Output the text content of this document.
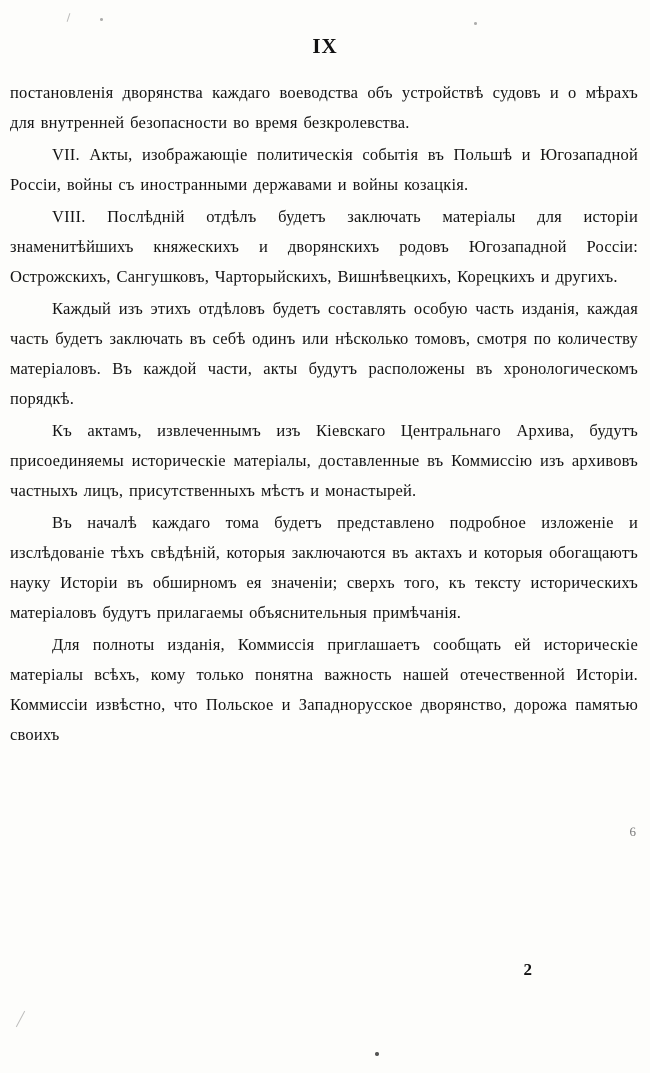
IX

постановленія дворянства каждаго воеводства объ устройствѣ судовъ и о мѣрахъ для внутренней безопасности во время безкролевства.

VII. Акты, изображающіе политическія событія въ Польшѣ и Югозападной Россіи, войны съ иностранными державами и войны козацкія.

VIII. Послѣдній отдѣлъ будетъ заключать матеріалы для исторіи знаменитѣйшихъ княжескихъ и дворянскихъ родовъ Югозападной Россіи: Острожскихъ, Сангушковъ, Чарторыйскихъ, Вишнѣвецкихъ, Корецкихъ и другихъ.

Каждый изъ этихъ отдѣловъ будетъ составлять особую часть изданія, каждая часть будетъ заключать въ себѣ одинъ или нѣсколько томовъ, смотря по количеству матеріаловъ. Въ каждой части, акты будутъ расположены въ хронологическомъ порядкѣ.

Къ актамъ, извлеченнымъ изъ Кіевскаго Центральнаго Архива, будутъ присоединяемы историческіе матеріалы, доставленные въ Коммиссію изъ архивовъ частныхъ лицъ, присутственныхъ мѣстъ и монастырей.

Въ началѣ каждаго тома будетъ представлено подробное изложеніе и изслѣдованіе тѣхъ свѣдѣній, которыя заключаются въ актахъ и которыя обогащаютъ науку Исторіи въ обширномъ ея значеніи; сверхъ того, къ тексту историческихъ матеріаловъ будутъ прилагаемы объяснительныя примѣчанія.

Для полноты изданія, Коммиссія приглашаетъ сообщать ей историческіе матеріалы всѣхъ, кому только понятна важность нашей отечественной Исторіи. Коммиссіи извѣстно, что Польское и Западнорусское дворянство, дорожа памятью своихъ

6
2
